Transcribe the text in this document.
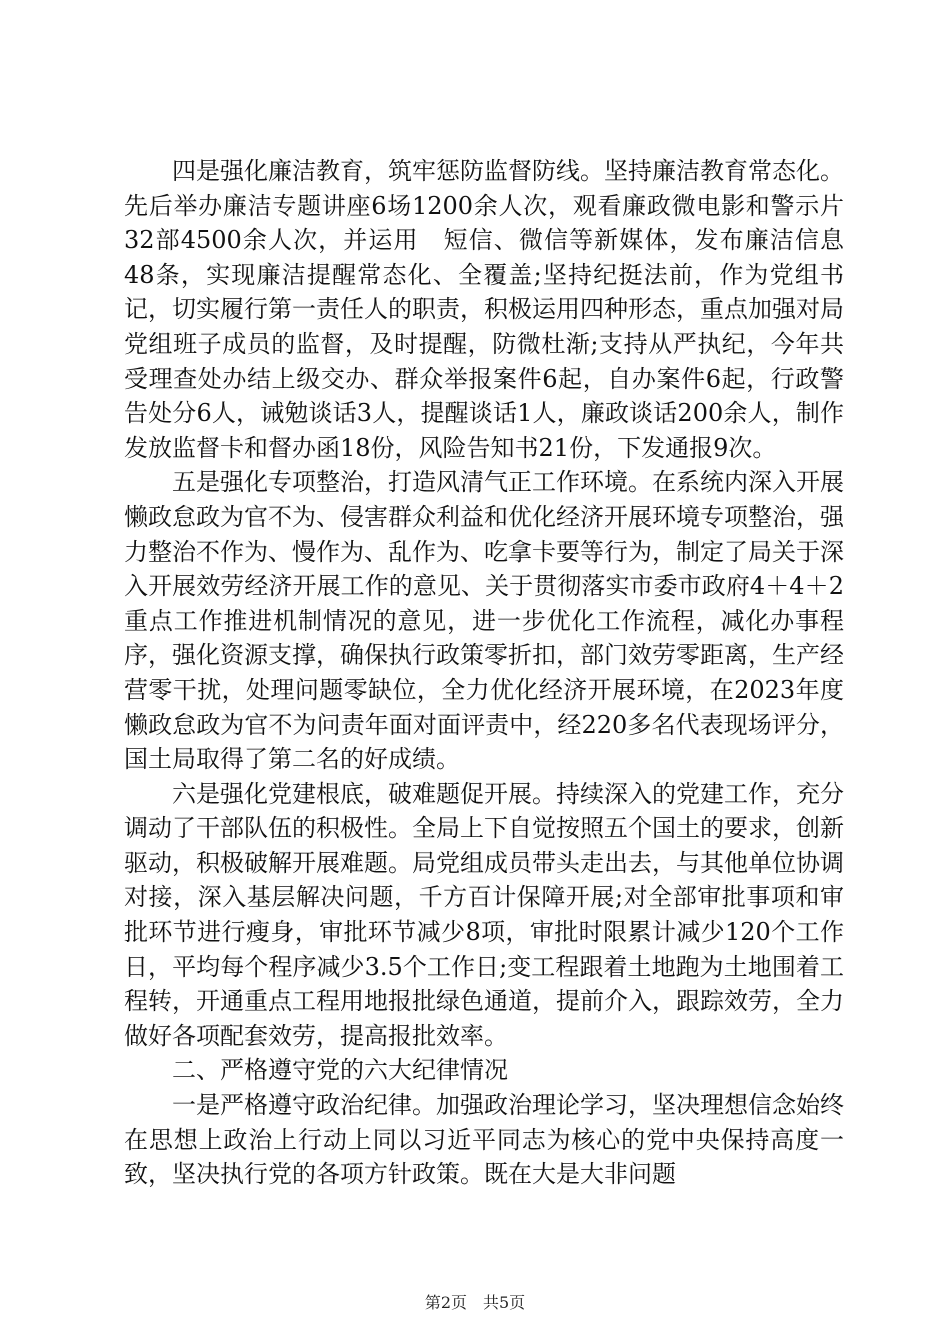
四是强化廉洁教育，筑牢惩防监督防线。坚持廉洁教育常态化。先后举办廉洁专题讲座6场1200余人次，观看廉政微电影和警示片32部4500余人次，并运用　短信、微信等新媒体，发布廉洁信息48条，实现廉洁提醒常态化、全覆盖;坚持纪挺法前，作为党组书记，切实履行第一责任人的职责，积极运用四种形态，重点加强对局党组班子成员的监督，及时提醒，防微杜渐;支持从严执纪，今年共受理查处办结上级交办、群众举报案件6起，自办案件6起，行政警告处分6人，诫勉谈话3人，提醒谈话1人，廉政谈话200余人，制作发放监督卡和督办函18份，风险告知书21份，下发通报9次。

五是强化专项整治，打造风清气正工作环境。在系统内深入开展懒政怠政为官不为、侵害群众利益和优化经济开展环境专项整治，强力整治不作为、慢作为、乱作为、吃拿卡要等行为，制定了局关于深入开展效劳经济开展工作的意见、关于贯彻落实市委市政府4＋4＋2重点工作推进机制情况的意见，进一步优化工作流程，减化办事程序，强化资源支撑，确保执行政策零折扣，部门效劳零距离，生产经营零干扰，处理问题零缺位，全力优化经济开展环境，在2023年度懒政怠政为官不为问责年面对面评责中，经220多名代表现场评分，国土局取得了第二名的好成绩。

六是强化党建根底，破难题促开展。持续深入的党建工作，充分调动了干部队伍的积极性。全局上下自觉按照五个国土的要求，创新驱动，积极破解开展难题。局党组成员带头走出去，与其他单位协调对接，深入基层解决问题，千方百计保障开展;对全部审批事项和审批环节进行瘦身，审批环节减少8项，审批时限累计减少120个工作日，平均每个程序减少3.5个工作日;变工程跟着土地跑为土地围着工程转，开通重点工程用地报批绿色通道，提前介入，跟踪效劳，全力做好各项配套效劳，提高报批效率。

二、严格遵守党的六大纪律情况

一是严格遵守政治纪律。加强政治理论学习，坚决理想信念始终在思想上政治上行动上同以习近平同志为核心的党中央保持高度一致，坚决执行党的各项方针政策。既在大是大非问题

第2页　共5页
